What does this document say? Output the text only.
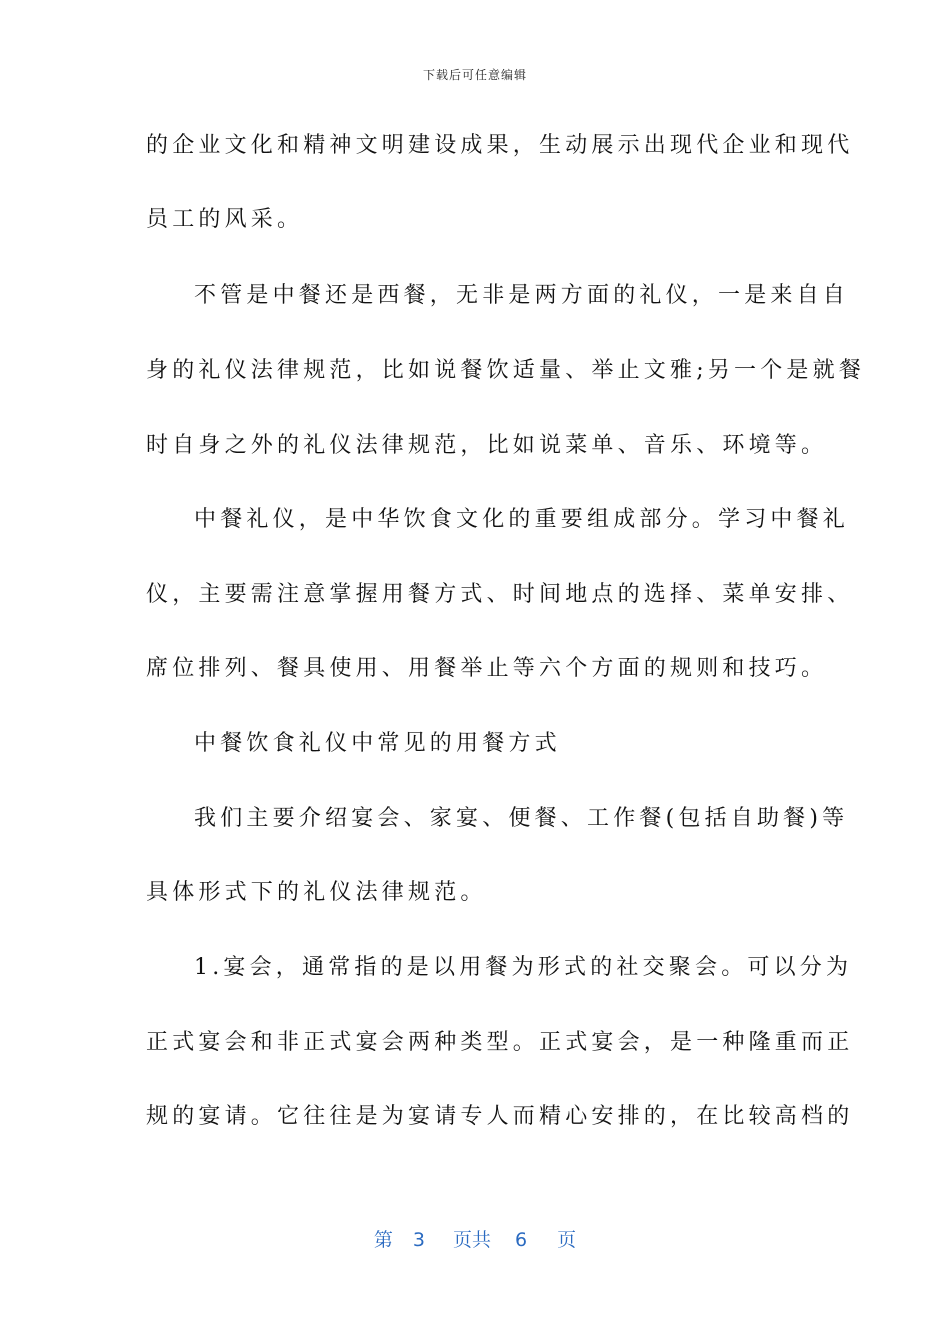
下载后可任意编辑
的企业文化和精神文明建设成果，生动展示出现代企业和现代
员工的风采。
不管是中餐还是西餐，无非是两方面的礼仪，一是来自自
身的礼仪法律规范，比如说餐饮适量、举止文雅;另一个是就餐
时自身之外的礼仪法律规范，比如说菜单、音乐、环境等。
中餐礼仪，是中华饮食文化的重要组成部分。学习中餐礼
仪，主要需注意掌握用餐方式、时间地点的选择、菜单安排、
席位排列、餐具使用、用餐举止等六个方面的规则和技巧。
中餐饮食礼仪中常见的用餐方式
我们主要介绍宴会、家宴、便餐、工作餐(包括自助餐)等
具体形式下的礼仪法律规范。
1.宴会，通常指的是以用餐为形式的社交聚会。可以分为
正式宴会和非正式宴会两种类型。正式宴会，是一种隆重而正
规的宴请。它往往是为宴请专人而精心安排的，在比较高档的
第 3 页共 6 页
